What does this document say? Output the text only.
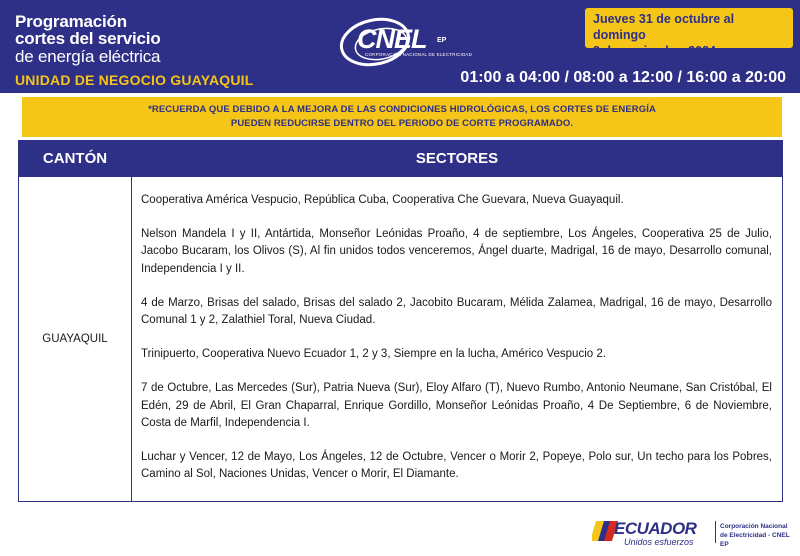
Programación
cortes del servicio
de energía eléctrica
UNIDAD DE NEGOCIO GUAYAQUIL
CNEL EP
CORPORACIÓN NACIONAL DE ELECTRICIDAD
Jueves 31 de octubre al domingo
3 de noviembre 2024
01:00 a 04:00 / 08:00 a 12:00 / 16:00 a 20:00
*RECUERDA QUE DEBIDO A LA MEJORA DE LAS CONDICIONES HIDROLÓGICAS, LOS CORTES DE ENERGÍA
PUEDEN REDUCIRSE DENTRO DEL PERIODO DE CORTE PROGRAMADO.
CANTÓN	SECTORES
GUAYAQUIL

Cooperativa América Vespucio, República Cuba, Cooperativa Che Guevara, Nueva Guayaquil.

Nelson Mandela I y II, Antártida, Monseñor Leónidas Proaño, 4 de septiembre, Los Ángeles, Cooperativa 25 de Julio, Jacobo Bucaram, los Olivos (S), Al fin unidos todos venceremos, Ángel duarte, Madrigal, 16 de mayo, Desarrollo comunal, Independencia I y II.

4 de Marzo, Brisas del salado, Brisas del salado 2, Jacobito Bucaram, Mélida Zalamea, Madrigal, 16 de mayo, Desarrollo Comunal 1 y 2, Zalathiel Toral, Nueva Ciudad.

Trinipuerto, Cooperativa Nuevo Ecuador 1, 2 y 3, Siempre en la lucha, Américo Vespucio 2.

7 de Octubre, Las Mercedes (Sur), Patria Nueva (Sur), Eloy Alfaro (T), Nuevo Rumbo, Antonio Neumane, San Cristóbal, El Edén, 29 de Abril, El Gran Chaparral, Enrique Gordillo, Monseñor Leónidas Proaño, 4 De Septiembre, 6 de Noviembre, Costa de Marfil, Independencia I.

Luchar y Vencer, 12 de Mayo, Los Ángeles, 12 de Octubre, Vencer o Morir 2, Popeye, Polo sur, Un techo para los Pobres, Camino al Sol, Naciones Unidas, Vencer o Morir, El Diamante.

ECUADOR
Unidos esfuerzos
Corporación Nacional
de Electricidad - CNEL EP
